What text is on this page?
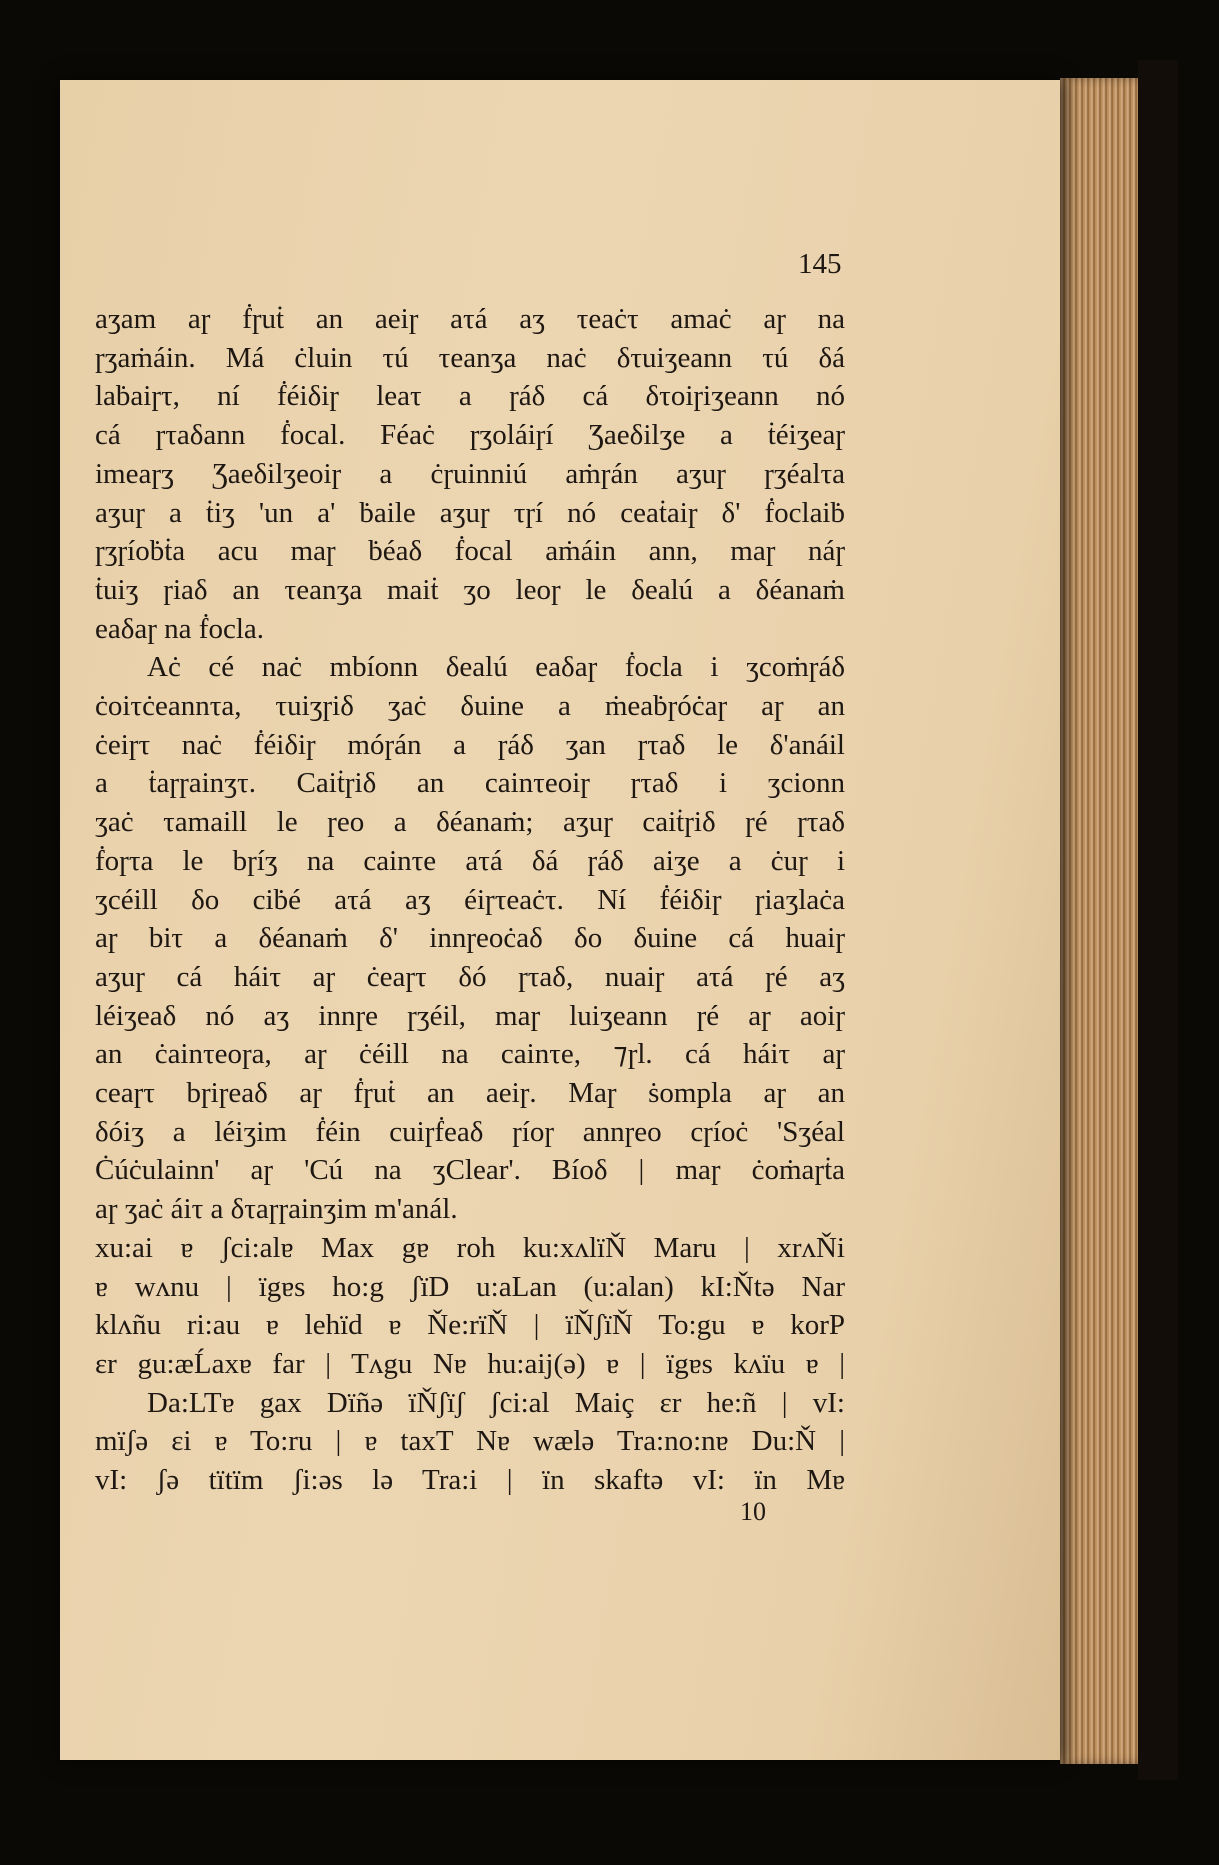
145
aʒam aɼ ḟɼuṫ an aeiɼ aτá aʒ τeaċτ amaċ aɼ na
ɼʒaṁáin. Má ċluin τú τeanʒa naċ δτuiʒeann τú δá
laḃaiɼτ, ní ḟéiδiɼ leaτ a ɼáδ cá δτoiɼiʒeann nó
cá ɼτaδann ḟocal. Féaċ ɼʒoláiɼí Ʒaeδilʒe a ṫéiʒeaɼ
imeaɼʒ Ʒaeδilʒeoiɼ a ċɼuinniú aṁɼán aʒuɼ ɼʒéalτa
aʒuɼ a ṫiʒ 'un a' ḃaile aʒuɼ τɼí nó ceaṫaiɼ δ' ḟoclaiḃ
ɼʒɼíoḃṫa acu maɼ ḃéaδ ḟocal aṁáin ann, maɼ náɼ
ṫuiʒ ɼiaδ an τeanʒa maiṫ ʒo leoɼ le δealú a δéanaṁ
eaδaɼ na ḟocla.
Aċ cé naċ mbíonn δealú eaδaɼ ḟocla i ʒcoṁɼáδ
ċoiτċeannτa, τuiʒɼiδ ʒaċ δuine a ṁeaḃɼóċaɼ aɼ an
ċeiɼτ naċ ḟéiδiɼ móɼán a ɼáδ ʒan ɼτaδ le δ'anáil
a ṫaɼɼainʒτ. Caiṫɼiδ an cainτeoiɼ ɼτaδ i ʒcionn
ʒaċ τamaill le ɼeo a δéanaṁ; aʒuɼ caiṫɼiδ ɼé ɼτaδ
ḟoɼτa le bɼíʒ na cainτe aτá δá ɼáδ aiʒe a ċuɼ i
ʒcéill δo ciḃé aτá aʒ éiɼτeaċτ. Ní ḟéiδiɼ ɼiaʒlaċa
aɼ biτ a δéanaṁ δ' innɼeoċaδ δo δuine cá huaiɼ
aʒuɼ cá háiτ aɼ ċeaɼτ δó ɼτaδ, nuaiɼ aτá ɼé aʒ
léiʒeaδ nó aʒ innɼe ɼʒéil, maɼ luiʒeann ɼé aɼ aoiɼ
an ċainτeoɼa, aɼ ċéill na cainτe, ⁊ɼl. cá háiτ aɼ
ceaɼτ bɼiɼeaδ aɼ ḟɼuṫ an aeiɼ. Maɼ ṡompla aɼ an
δóiʒ a léiʒim ḟéin cuiɼḟeaδ ɼíoɼ annɼeo cɼíoċ 'Sʒéal
Ċúċulainn' aɼ 'Cú na ʒClear'. Bíoδ | maɼ ċoṁaɼṫa
aɼ ʒaċ áiτ a δτaɼɼainʒim m'anál.
xu:ai ɐ ʃci:alɐ Max gɐ roh ku:xʌlïŇ Maru | xrʌŇi
ɐ wʌnu | ïgɐs ho:g ʃïD u:aLan (u:alan) kI:Ňtə Nar
klʌñu ri:au ɐ lehïd ɐ Ňe:rïŇ | ïŇʃïŇ To:gu ɐ korP
ɛr gu:æĹaxɐ far | Tʌgu Nɐ hu:aij(ə) ɐ | ïgɐs kʌïu ɐ |
Da:LTɐ gax Dïñə ïŇʃïʃ ʃci:al Maiç ɛr he:ñ | vI:
mïʃə ɛi ɐ To:ru | ɐ taxT Nɐ wælə Tra:no:nɐ Du:Ň |
vI: ʃə tïtïm ʃi:əs lə Tra:i | ïn skaftə vI: ïn Mɐ
10
